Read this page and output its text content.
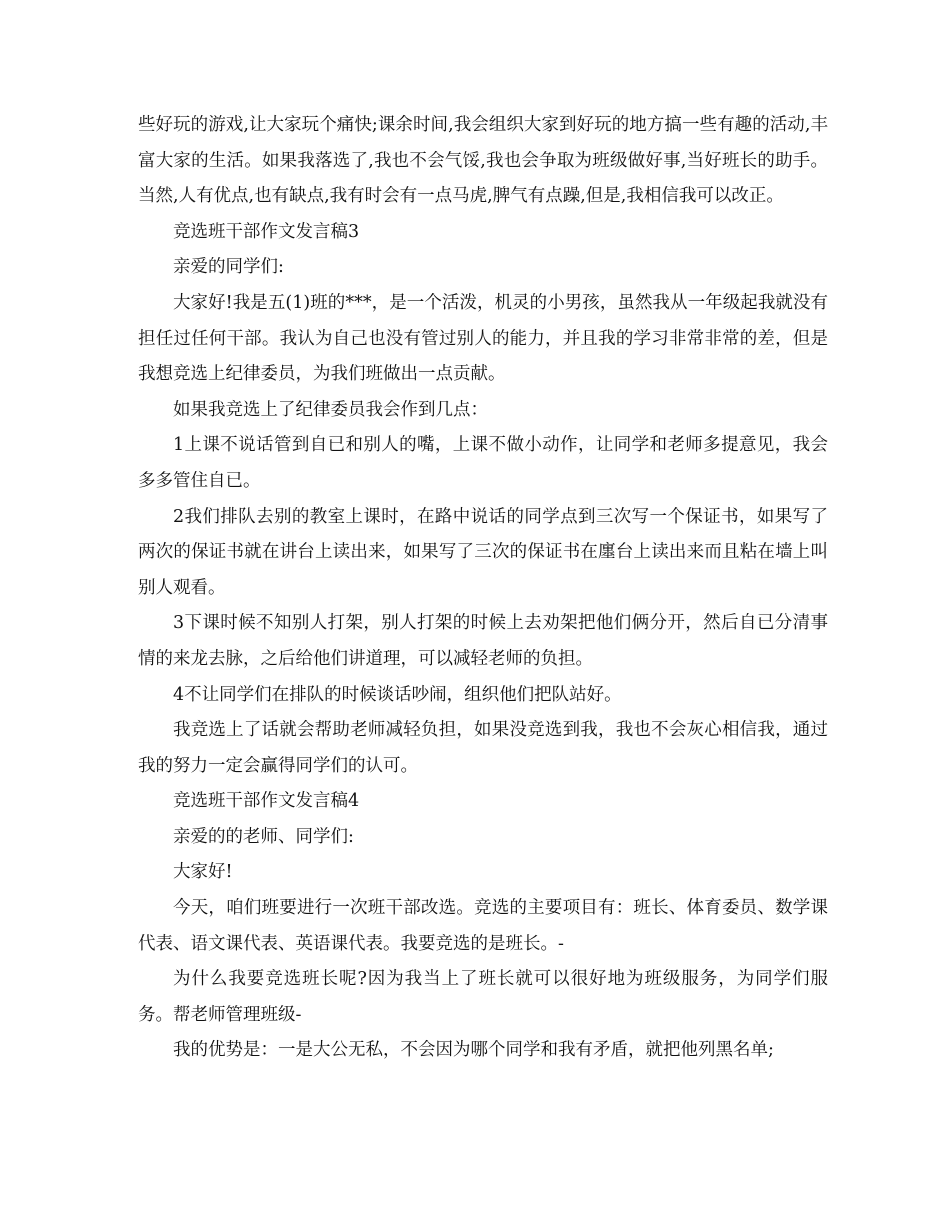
些好玩的游戏,让大家玩个痛快;课余时间,我会组织大家到好玩的地方搞一些有趣的活动,丰富大家的生活。如果我落选了,我也不会气馁,我也会争取为班级做好事,当好班长的助手。当然,人有优点,也有缺点,我有时会有一点马虎,脾气有点躁,但是,我相信我可以改正。

竞选班干部作文发言稿3

亲爱的同学们:

大家好!我是五(1)班的***，是一个活泼，机灵的小男孩，虽然我从一年级起我就没有担任过任何干部。我认为自己也没有管过别人的能力，并且我的学习非常非常的差，但是我想竞选上纪律委员，为我们班做出一点贡献。

如果我竞选上了纪律委员我会作到几点：

1上课不说话管到自已和别人的嘴，上课不做小动作，让同学和老师多提意见，我会多多管住自已。

2我们排队去别的教室上课时，在路中说话的同学点到三次写一个保证书，如果写了两次的保证书就在讲台上读出来，如果写了三次的保证书在廛台上读出来而且粘在墙上叫别人观看。

3下课时候不知别人打架，别人打架的时候上去劝架把他们俩分开，然后自已分清事情的来龙去脉，之后给他们讲道理，可以减轻老师的负担。

4不让同学们在排队的时候谈话吵闹，组织他们把队站好。

我竞选上了话就会帮助老师减轻负担，如果没竞选到我，我也不会灰心相信我，通过我的努力一定会赢得同学们的认可。

竞选班干部作文发言稿4

亲爱的的老师、同学们:

大家好!

今天，咱们班要进行一次班干部改选。竞选的主要项目有：班长、体育委员、数学课代表、语文课代表、英语课代表。我要竞选的是班长。-

为什么我要竞选班长呢?因为我当上了班长就可以很好地为班级服务，为同学们服务。帮老师管理班级-

我的优势是：一是大公无私，不会因为哪个同学和我有矛盾，就把他列黑名单;
